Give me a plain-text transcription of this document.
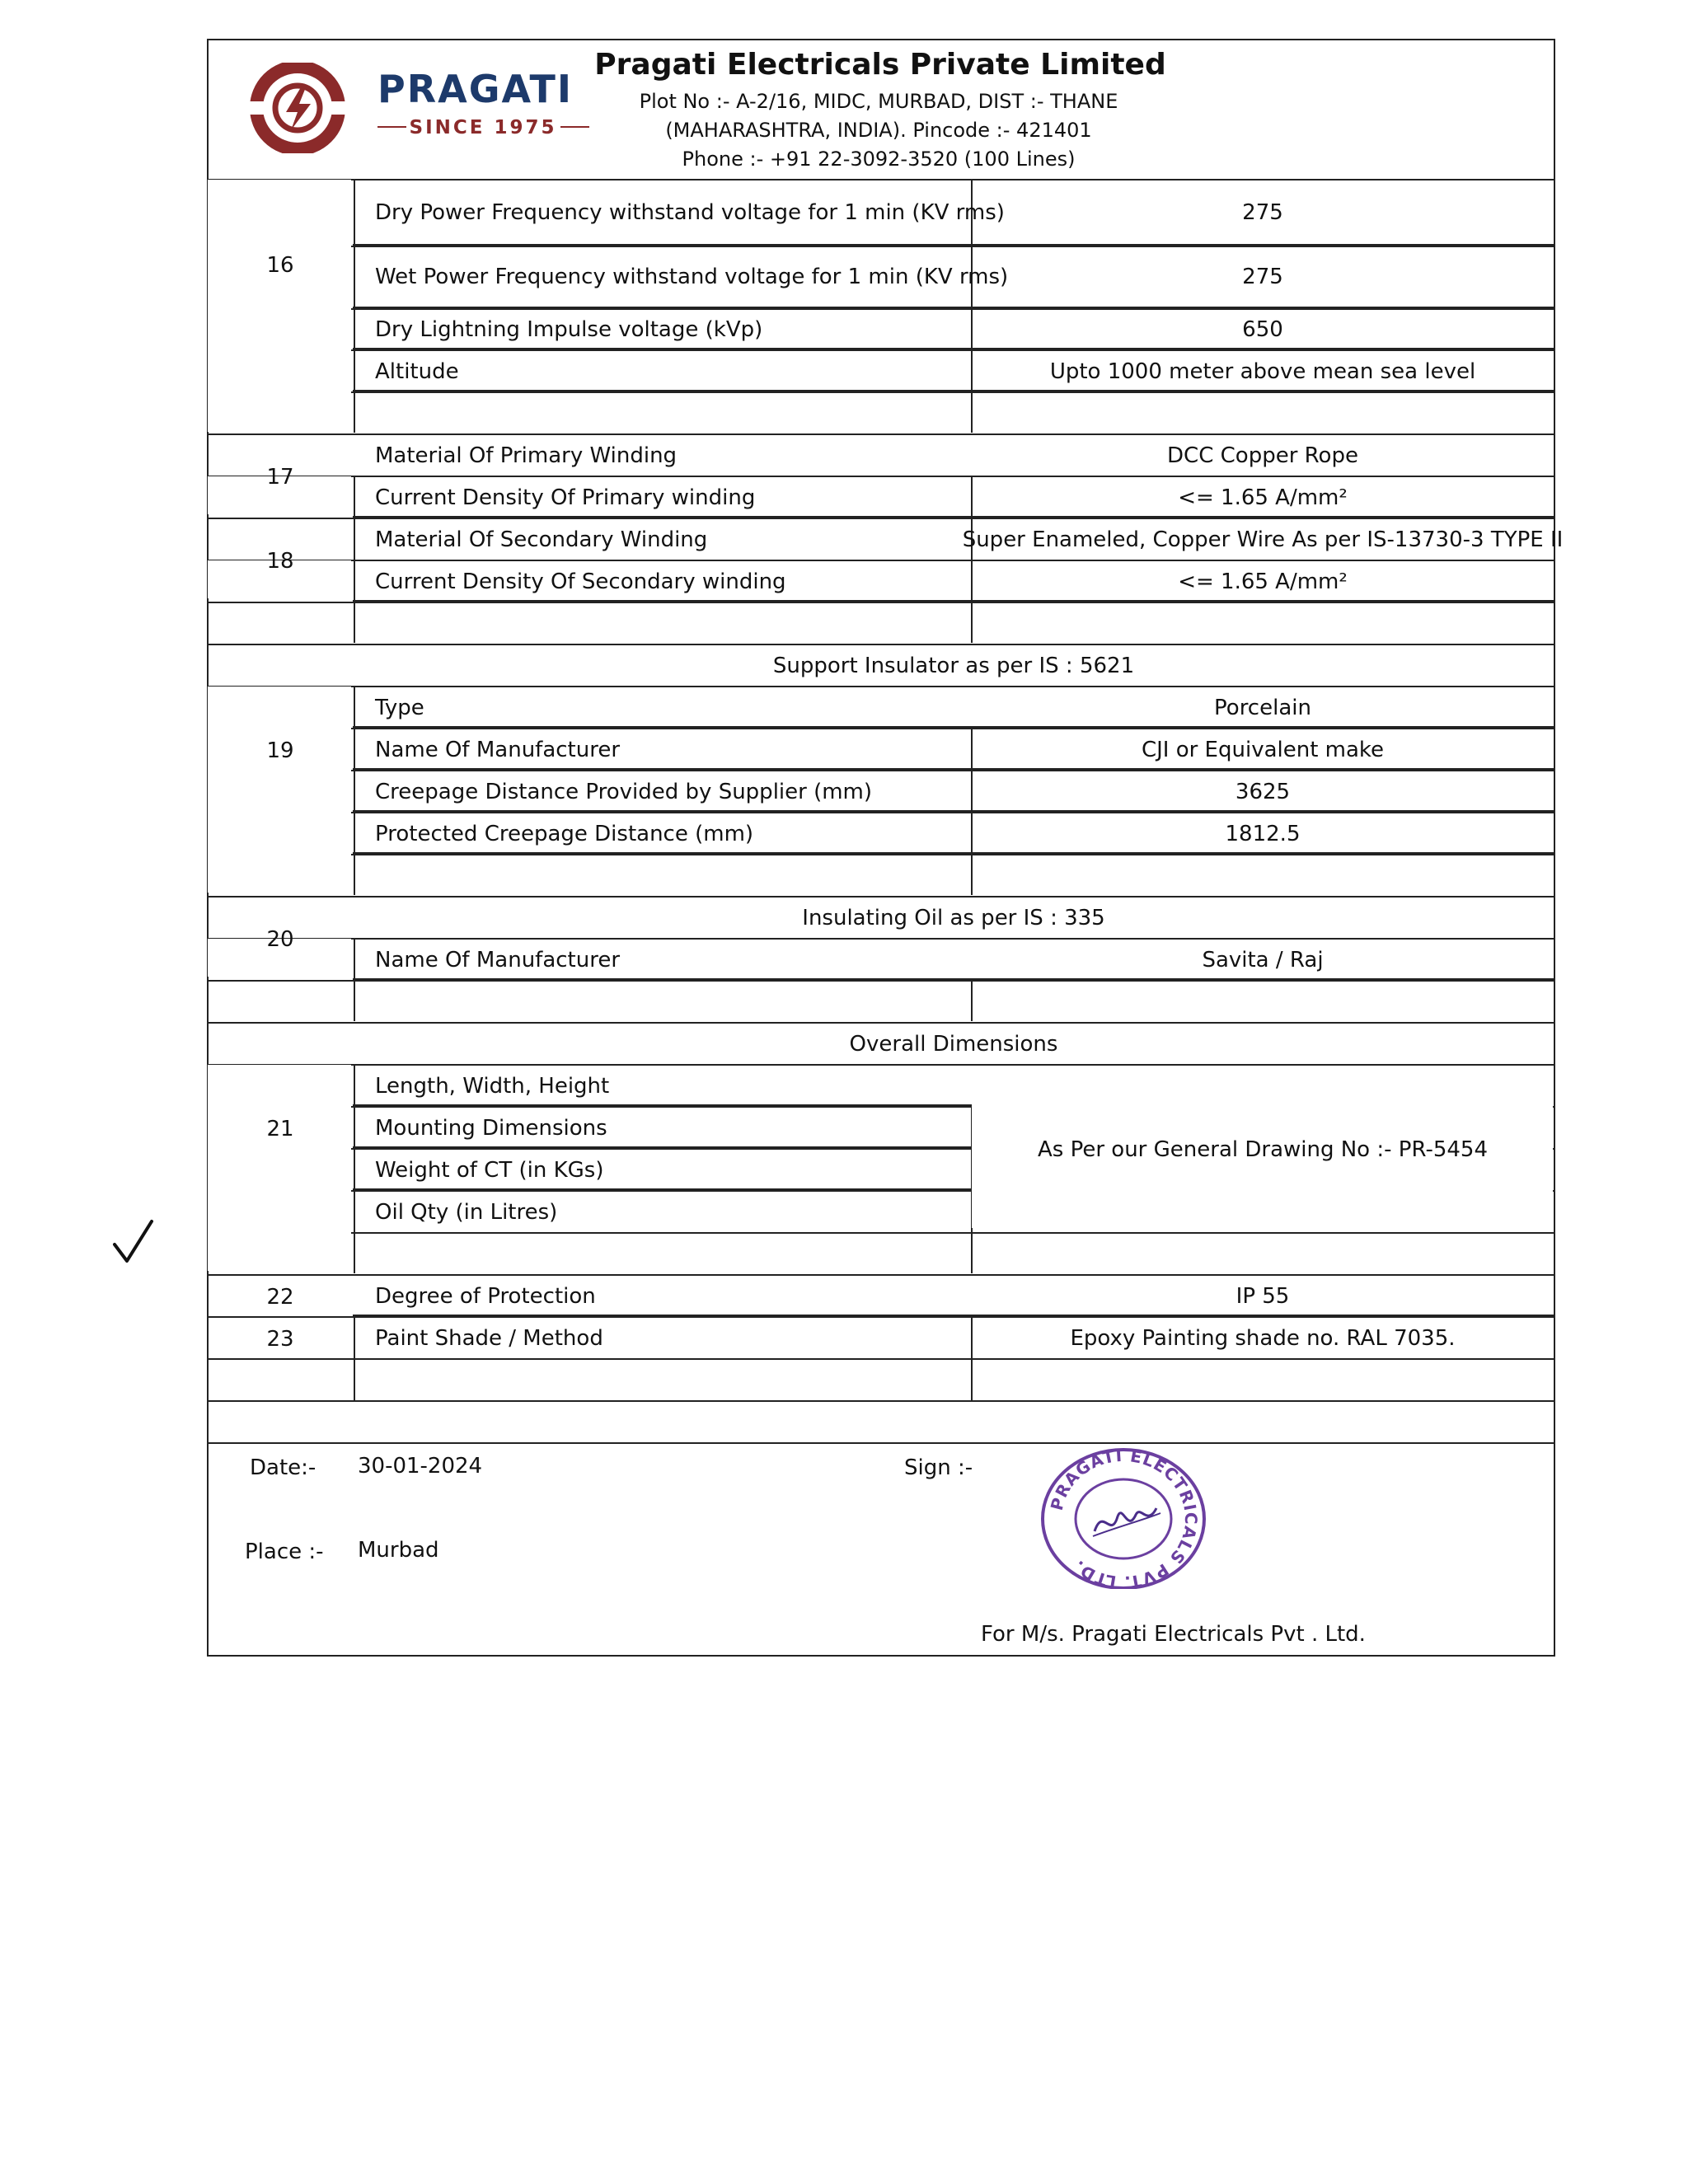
PRAGATI
SINCE 1975
Pragati Electricals Private Limited
Plot No :- A-2/16, MIDC, MURBAD, DIST :- THANE
(MAHARASHTRA, INDIA). Pincode :- 421401
Phone :- +91 22-3092-3520 (100 Lines)
16
Dry Power Frequency withstand voltage for 1 min (KV rms)	275
Wet Power Frequency withstand voltage for 1 min (KV rms)	275
Dry Lightning Impulse voltage (kVp)	650
Altitude	Upto 1000 meter above mean sea level
17
Material Of Primary Winding	DCC Copper Rope
Current Density Of Primary winding	<= 1.65 A/mm²
18
Material Of Secondary Winding	Super Enameled, Copper Wire As per IS-13730-3 TYPE II
Current Density Of Secondary winding	<= 1.65 A/mm²
19
Support Insulator as per IS : 5621
Type	Porcelain
Name Of Manufacturer	CJI or Equivalent make
Creepage Distance Provided by Supplier (mm)	3625
Protected Creepage Distance (mm)	1812.5
20
Insulating Oil as per IS : 335
Name Of Manufacturer	Savita / Raj
21
Overall Dimensions
Length, Width, Height
Mounting Dimensions
Weight of CT (in KGs)
Oil Qty (in Litres)
As Per our General Drawing No :- PR-5454
22	Degree of Protection	IP 55
23	Paint Shade / Method	Epoxy Painting shade no. RAL 7035.
Date:- 30-01-2024
Place :- Murbad
Sign :-
For M/s. Pragati Electricals Pvt . Ltd.
PRAGATI ELECTRICALS PVT. LTD.
